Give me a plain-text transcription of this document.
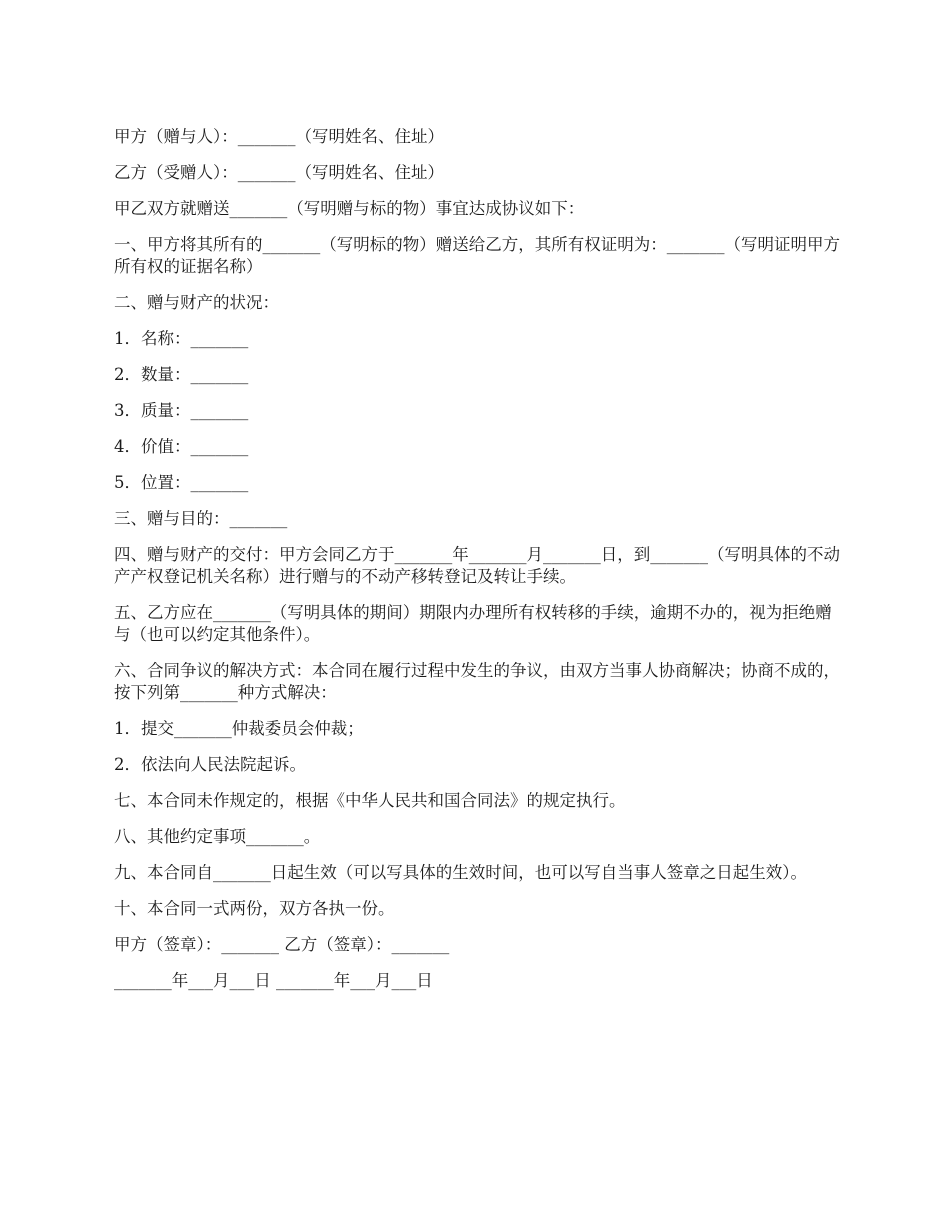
甲方（赠与人）：_______（写明姓名、住址）

乙方（受赠人）：_______（写明姓名、住址）

甲乙双方就赠送_______（写明赠与标的物）事宜达成协议如下：

一、甲方将其所有的_______（写明标的物）赠送给乙方，其所有权证明为：_______（写明证明甲方所有权的证据名称）

二、赠与财产的状况：

1．名称：_______

2．数量：_______

3．质量：_______

4．价值：_______

5．位置：_______

三、赠与目的：_______

四、赠与财产的交付：甲方会同乙方于_______年_______月_______日，到_______（写明具体的不动产产权登记机关名称）进行赠与的不动产移转登记及转让手续。

五、乙方应在_______（写明具体的期间）期限内办理所有权转移的手续，逾期不办的，视为拒绝赠与（也可以约定其他条件）。

六、合同争议的解决方式：本合同在履行过程中发生的争议，由双方当事人协商解决；协商不成的，按下列第_______种方式解决：

1．提交_______仲裁委员会仲裁；

2．依法向人民法院起诉。

七、本合同未作规定的，根据《中华人民共和国合同法》的规定执行。

八、其他约定事项_______。

九、本合同自_______日起生效（可以写具体的生效时间，也可以写自当事人签章之日起生效）。

十、本合同一式两份，双方各执一份。

甲方（签章）：_______ 乙方（签章）：_______

_______年___月___日 _______年___月___日
